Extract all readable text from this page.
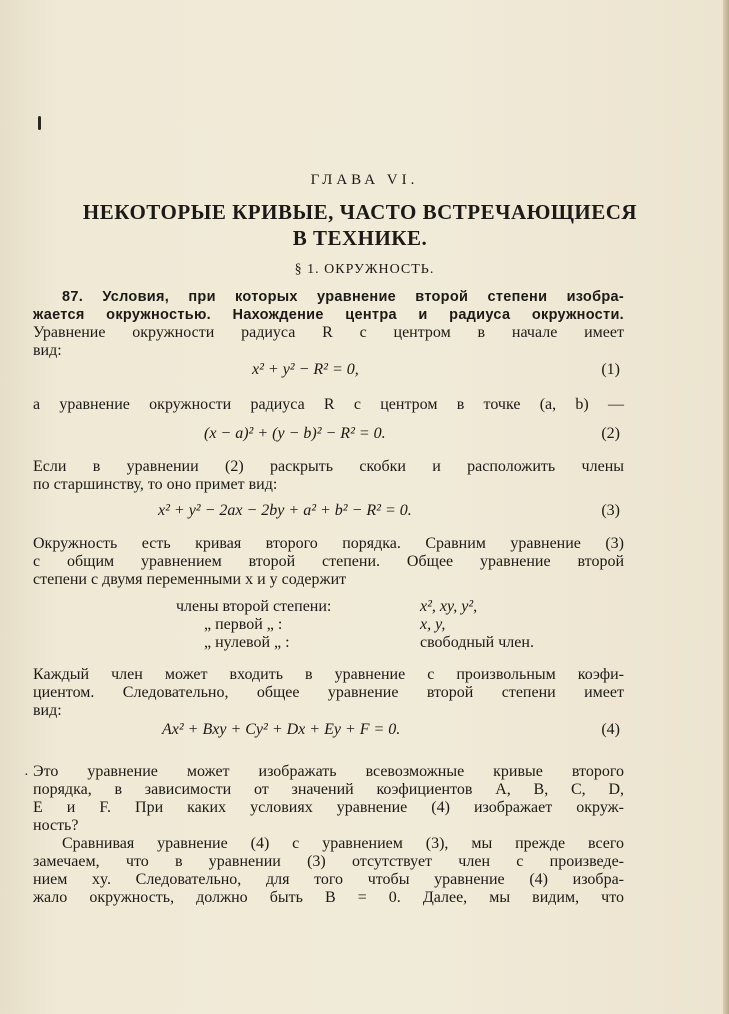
·
ГЛАВА VI.
НЕКОТОРЫЕ КРИВЫЕ, ЧАСТО ВСТРЕЧАЮЩИЕСЯ
В ТЕХНИКЕ.
§ 1. ОКРУЖНОСТЬ.
87. Условия, при которых уравнение второй степени изобра-
жается окружностью. Нахождение центра и радиуса окружности.
Уравнение окружности радиуса R с центром в начале имеет
вид:
x² + y² − R² = 0,	(1)
а уравнение окружности радиуса R с центром в точке (a, b) —
(x − a)² + (y − b)² − R² = 0.	(2)
Если в уравнении (2) раскрыть скобки и расположить члены
по старшинству, то оно примет вид:
x² + y² − 2ax − 2by + a² + b² − R² = 0.	(3)
Окружность есть кривая второго порядка. Сравним уравнение (3)
с общим уравнением второй степени. Общее уравнение второй
степени с двумя переменными x и y содержит
члены второй степени:	x², xy, y²,
„ первой „ :	x, y,
„ нулевой „ :	свободный член.
Каждый член может входить в уравнение с произвольным коэфи-
циентом. Следовательно, общее уравнение второй степени имеет
вид:
Ax² + Bxy + Cy² + Dx + Ey + F = 0.	(4)
Это уравнение может изображать всевозможные кривые второго
порядка, в зависимости от значений коэфициентов A, B, C, D,
E и F. При каких условиях уравнение (4) изображает окруж-
ность?
Сравнивая уравнение (4) с уравнением (3), мы прежде всего
замечаем, что в уравнении (3) отсутствует член с произведе-
нием xy. Следовательно, для того чтобы уравнение (4) изобра-
жало окружность, должно быть B = 0. Далее, мы видим, что
